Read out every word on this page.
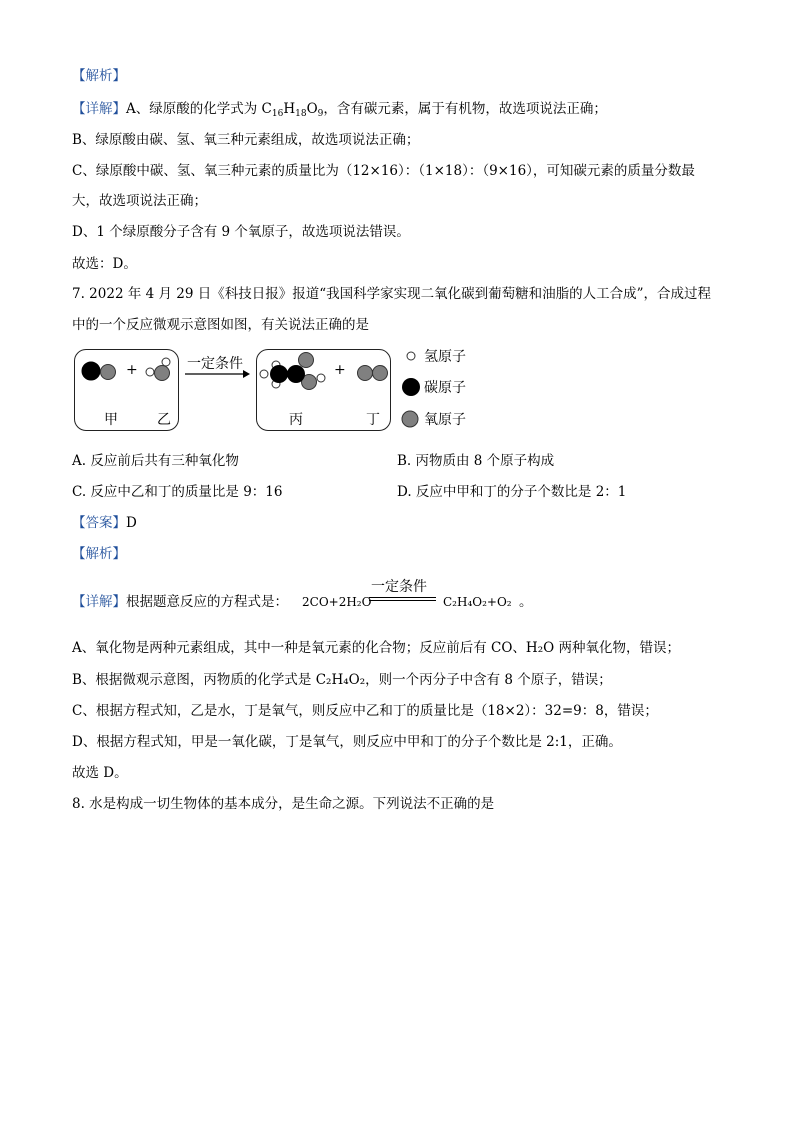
【解析】
【详解】A、绿原酸的化学式为 $C_{16}H_{18}O_9$，含有碳元素，属于有机物，故选项说法正确；
B、绿原酸由碳、氢、氧三种元素组成，故选项说法正确；
C、绿原酸中碳、氢、氧三种元素的质量比为（12×16）：（1×18）：（9×16），可知碳元素的质量分数最
大，故选项说法正确；
D、1 个绿原酸分子含有 9 个氧原子，故选项说法错误。
故选：D。
7. 2022 年 4 月 29 日《科技日报》报道“我国科学家实现二氧化碳到葡萄糖和油脂的人工合成”，合成过程
中的一个反应微观示意图如图，有关说法正确的是
+	+
一定条件
甲	乙	丙	丁
氢原子
碳原子
氧原子
A. 反应前后共有三种氧化物	B. 丙物质由 8 个原子构成
C. 反应中乙和丁的质量比是 9：16	D. 反应中甲和丁的分子个数比是 2：1
【答案】D
【解析】
【详解】根据题意反应的方程式是： 2CO+2H₂O
一定条件
C₂H₄O₂+O₂ 。
A、氧化物是两种元素组成，其中一种是氧元素的化合物；反应前后有 CO、H₂O 两种氧化物，错误；
B、根据微观示意图，丙物质的化学式是 C₂H₄O₂，则一个丙分子中含有 8 个原子，错误；
C、根据方程式知，乙是水，丁是氧气，则反应中乙和丁的质量比是（18×2）：32=9：8，错误；
D、根据方程式知，甲是一氧化碳，丁是氧气，则反应中甲和丁的分子个数比是 2:1，正确。
故选 D。
8. 水是构成一切生物体的基本成分，是生命之源。下列说法不正确的是
